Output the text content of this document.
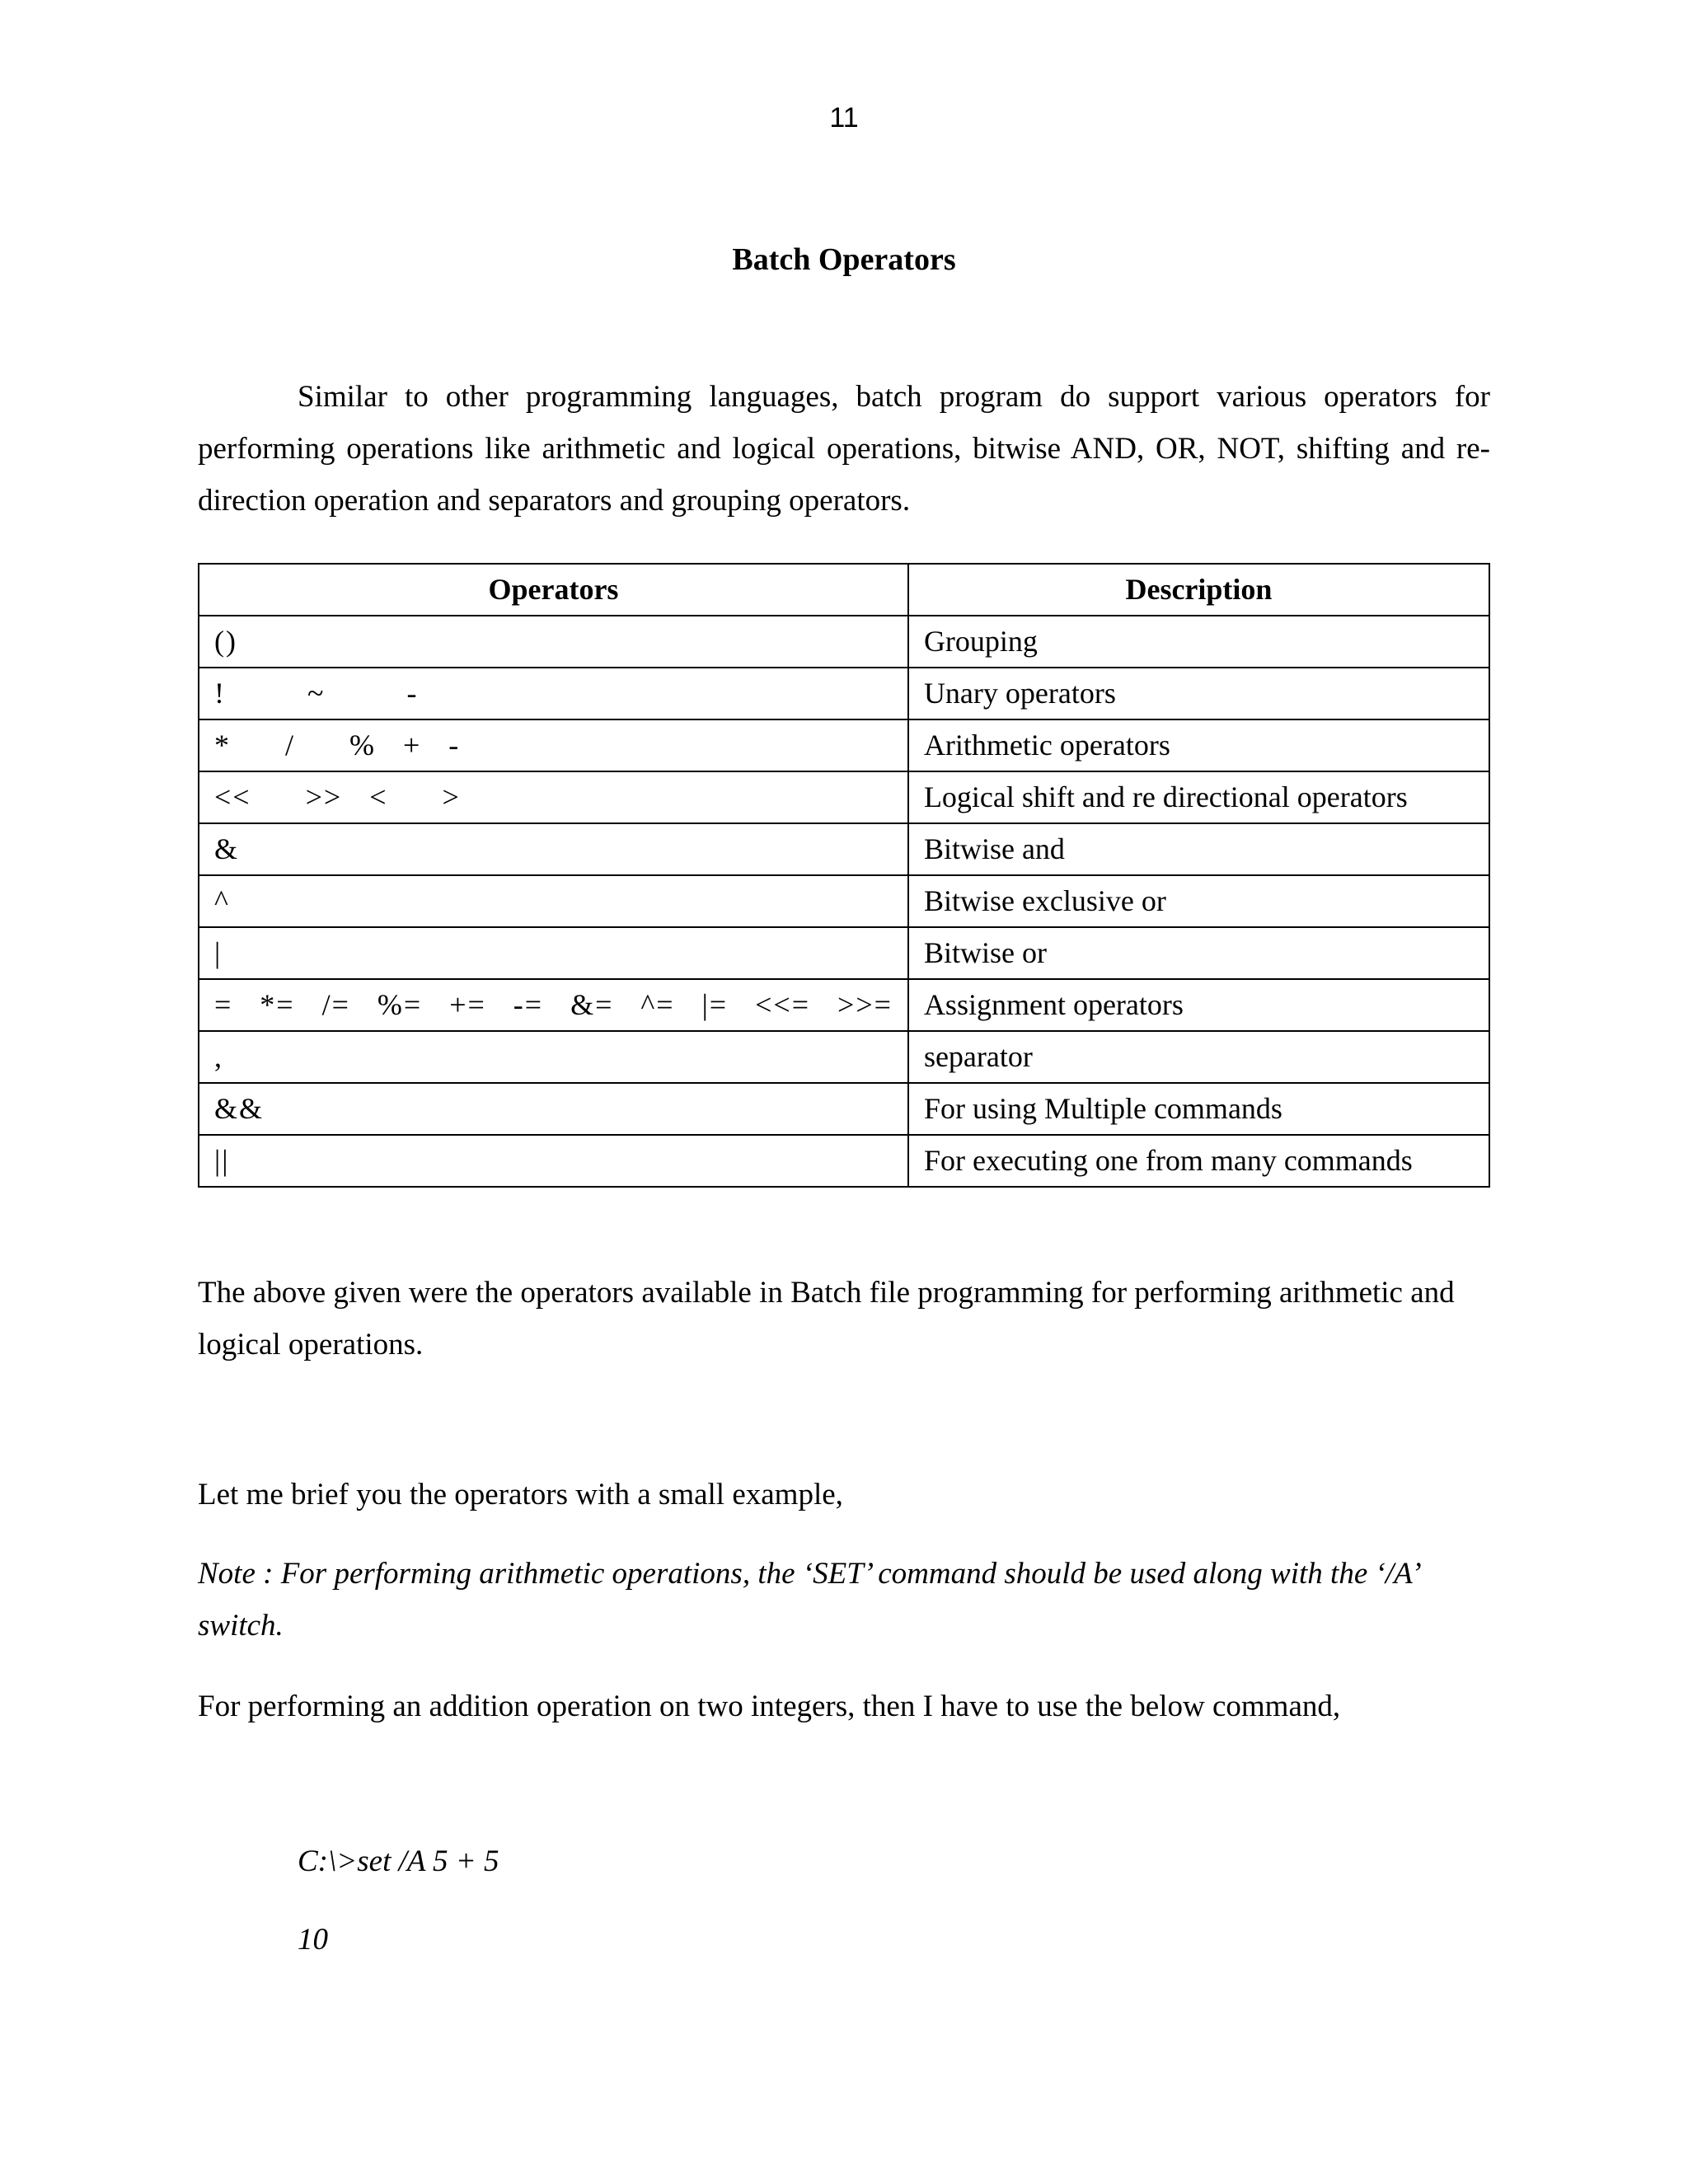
11
Batch Operators

Similar to other programming languages, batch program do support various operators for performing operations like arithmetic and logical operations, bitwise AND, OR, NOT, shifting and re-direction operation and separators and grouping operators.

Operators	Description
()	Grouping
!   ~   -	Unary operators
*  /  % + -	Arithmetic operators
<<  >> <  >	Logical shift and re directional operators
&	Bitwise and
^	Bitwise exclusive or
|	Bitwise or
= *= /= %= += -= &= ^= |= <<= >>=	Assignment operators
,	separator
&&	For using Multiple commands
||	For executing one from many commands

The above given were the operators available in Batch file programming for performing arithmetic and logical operations.

Let me brief you the operators with a small example,

Note : For performing arithmetic operations, the ‘SET’ command should be used along with the ‘/A’ switch.

For performing an addition operation on two integers, then I have to use the below command,

C:\>set /A 5 + 5

10
